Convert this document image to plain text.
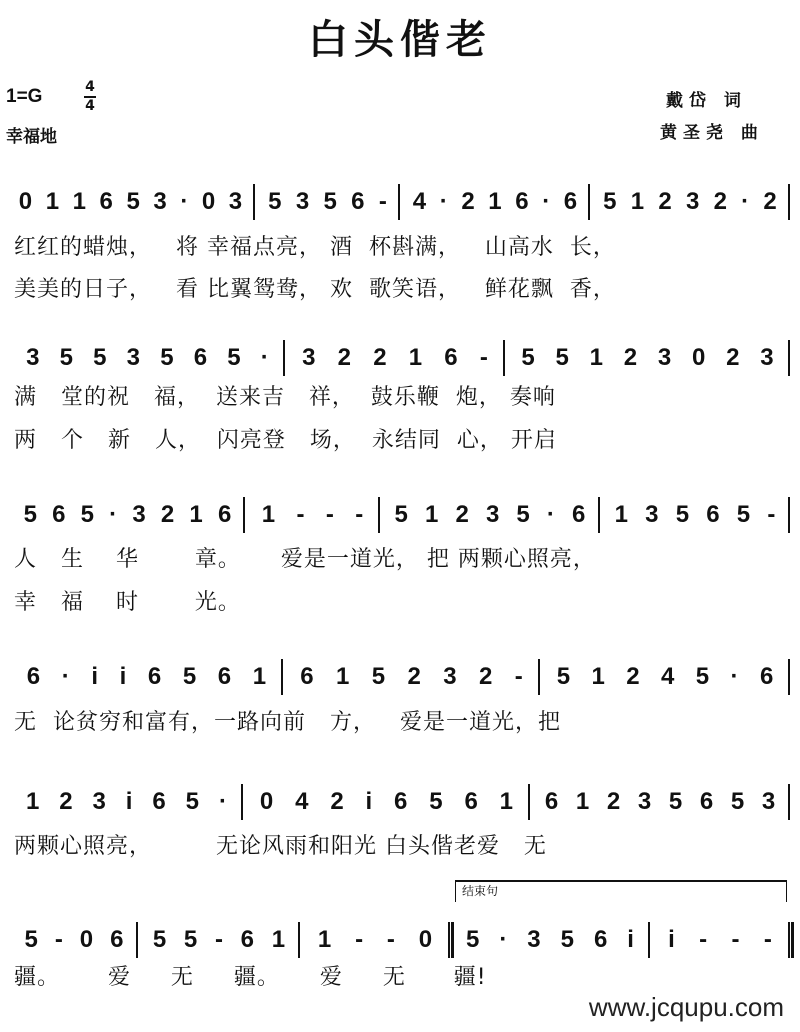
白头偕老
1=G	4
4
幸福地
戴岱 词
黄圣尧 曲
结束句
0 1 1 6 5 3 · 0 3 5 3 5 6 - 4 · 2 1 6 · 6 5 1 2 3 2 · 2
红红的蜡烛，   将 幸福点亮， 酒  杯斟满，   山高水  长，
美美的日子，   看 比翼鸳鸯， 欢  歌笑语，   鲜花飘  香，
3 5 5 3 5 6 5 · 3 2 2 1 6 - 5 5 1 2 3 0 2 3
满   堂的祝   福，  送来吉   祥，  鼓乐鞭  炮， 奏响
两   个   新   人，  闪亮登   场，  永结同  心， 开启
5 6 5 · 3 2 1 6 1 - - - 5 1 2 3 5 · 6 1 3 5 6 5 -
人   生    华       章。     爱是一道光， 把 两颗心照亮，
幸   福    时       光。
6 · i i 6 5 6 1 6 1 5 2 3 2 - 5 1 2 4 5 · 6
无  论贫穷和富有，一路向前   方，   爱是一道光，把
1 2 3 i 6 5 · 0 4 2 i 6 5 6 1 6 1 2 3 5 6 5 3
两颗心照亮，        无论风雨和阳光 白头偕老爱   无
5 - 0 6 5 5 - 6 1 1 - - 0 5 · 3 5 6 i i - - -
疆。      爱     无     疆。     爱     无      疆!
www.jcqupu.com
